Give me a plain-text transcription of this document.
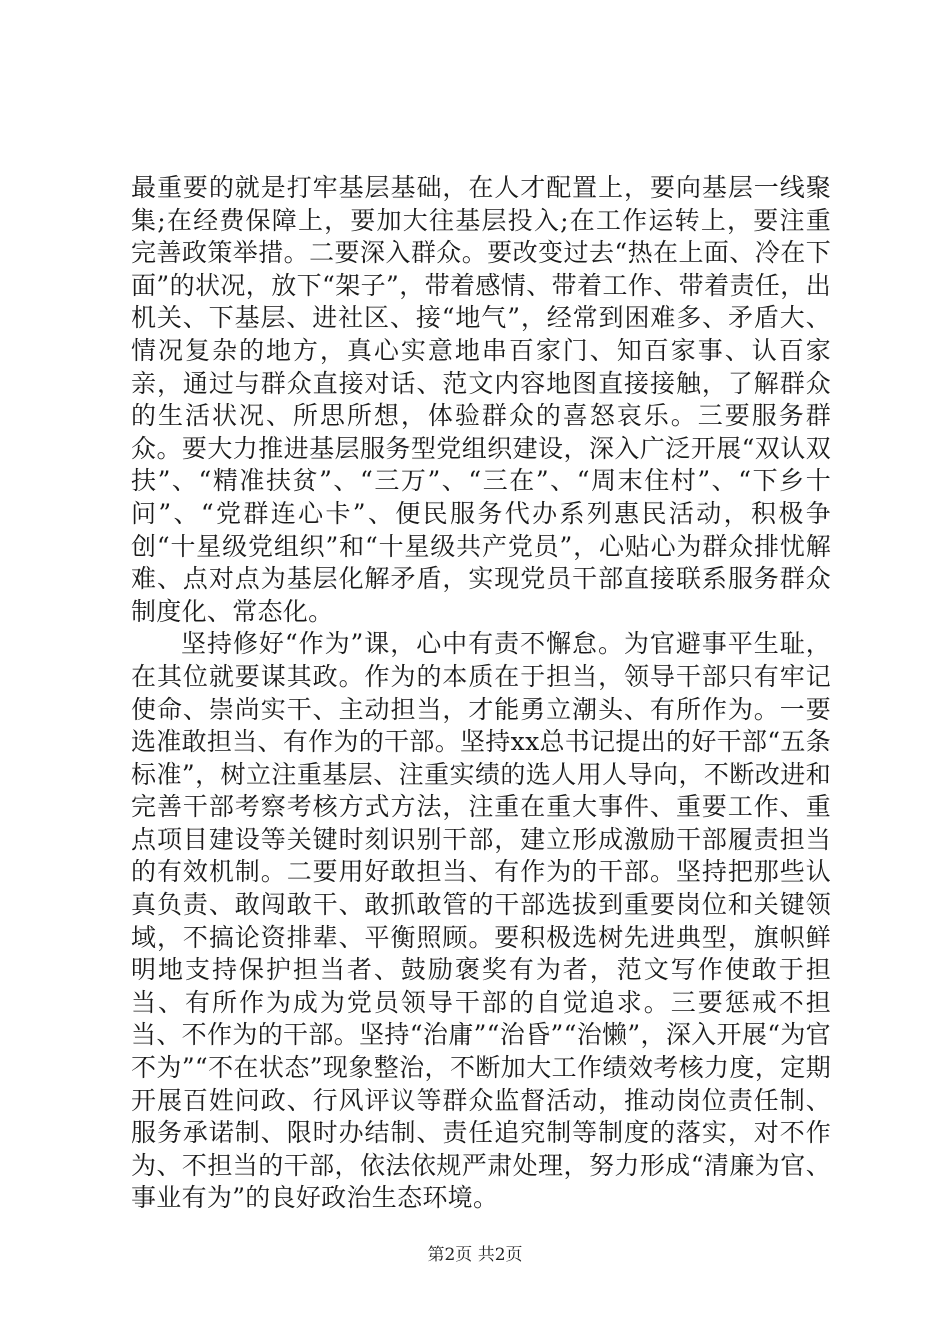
最重要的就是打牢基层基础，在人才配置上，要向基层一线聚集;在经费保障上，要加大往基层投入;在工作运转上，要注重完善政策举措。二要深入群众。要改变过去“热在上面、冷在下面”的状况，放下“架子”，带着感情、带着工作、带着责任，出机关、下基层、进社区、接“地气”，经常到困难多、矛盾大、情况复杂的地方，真心实意地串百家门、知百家事、认百家亲，通过与群众直接对话、范文内容地图直接接触，了解群众的生活状况、所思所想，体验群众的喜怒哀乐。三要服务群众。要大力推进基层服务型党组织建设，深入广泛开展“双认双扶”、“精准扶贫”、“三万”、“三在”、“周末住村”、“下乡十问”、“党群连心卡”、便民服务代办系列惠民活动，积极争创“十星级党组织”和“十星级共产党员”，心贴心为群众排忧解难、点对点为基层化解矛盾，实现党员干部直接联系服务群众制度化、常态化。

坚持修好“作为”课，心中有责不懈怠。为官避事平生耻，在其位就要谋其政。作为的本质在于担当，领导干部只有牢记使命、崇尚实干、主动担当，才能勇立潮头、有所作为。一要选准敢担当、有作为的干部。坚持xx总书记提出的好干部“五条标准”，树立注重基层、注重实绩的选人用人导向，不断改进和完善干部考察考核方式方法，注重在重大事件、重要工作、重点项目建设等关键时刻识别干部，建立形成激励干部履责担当的有效机制。二要用好敢担当、有作为的干部。坚持把那些认真负责、敢闯敢干、敢抓敢管的干部选拔到重要岗位和关键领域，不搞论资排辈、平衡照顾。要积极选树先进典型，旗帜鲜明地支持保护担当者、鼓励褒奖有为者，范文写作使敢于担当、有所作为成为党员领导干部的自觉追求。三要惩戒不担当、不作为的干部。坚持“治庸”“治昏”“治懒”，深入开展“为官不为”“不在状态”现象整治，不断加大工作绩效考核力度，定期开展百姓问政、行风评议等群众监督活动，推动岗位责任制、服务承诺制、限时办结制、责任追究制等制度的落实，对不作为、不担当的干部，依法依规严肃处理，努力形成“清廉为官、事业有为”的良好政治生态环境。

第2页 共2页
